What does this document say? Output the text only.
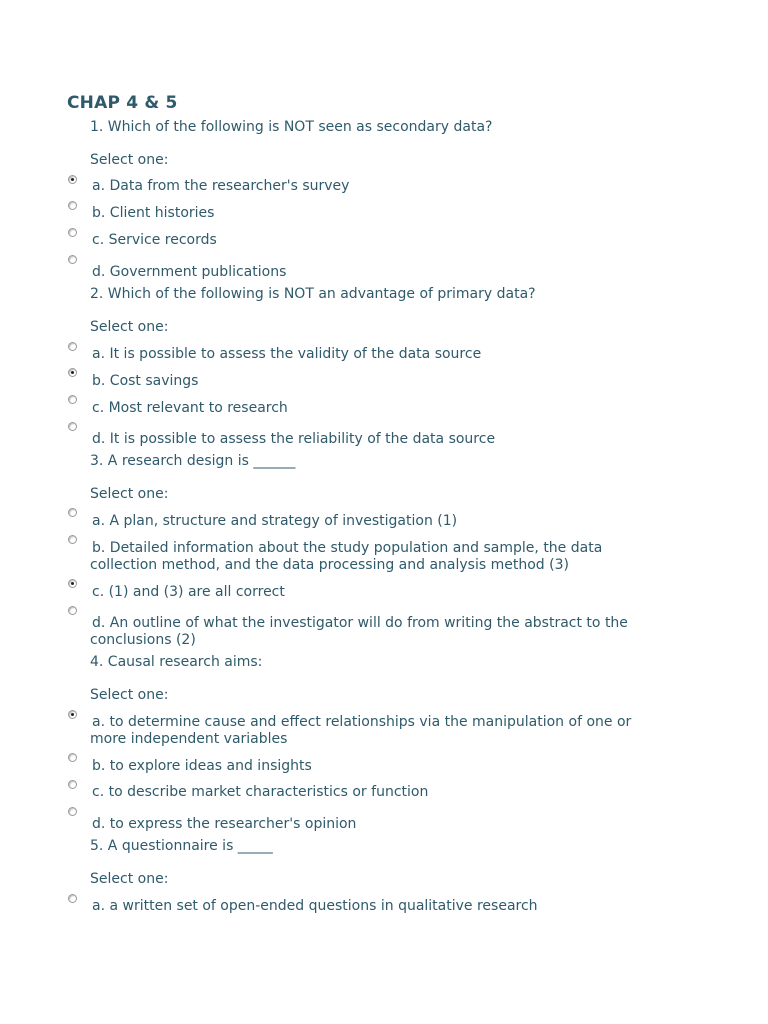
CHAP 4 & 5
1. Which of the following is NOT seen as secondary data?
Select one:
a. Data from the researcher's survey
b. Client histories
c. Service records
d. Government publications
2. Which of the following is NOT an advantage of primary data?
Select one:
a. It is possible to assess the validity of the data source
b. Cost savings
c. Most relevant to research
d. It is possible to assess the reliability of the data source
3. A research design is ______
Select one:
a. A plan, structure and strategy of investigation (1)
b. Detailed information about the study population and sample, the data collection method, and the data processing and analysis method (3)
c. (1) and (3) are all correct
d. An outline of what the investigator will do from writing the abstract to the conclusions (2)
4. Causal research aims:
Select one:
a. to determine cause and effect relationships via the manipulation of one or more independent variables
b. to explore ideas and insights
c. to describe market characteristics or function
d. to express the researcher's opinion
5. A questionnaire is _____
Select one:
a. a written set of open-ended questions in qualitative research
